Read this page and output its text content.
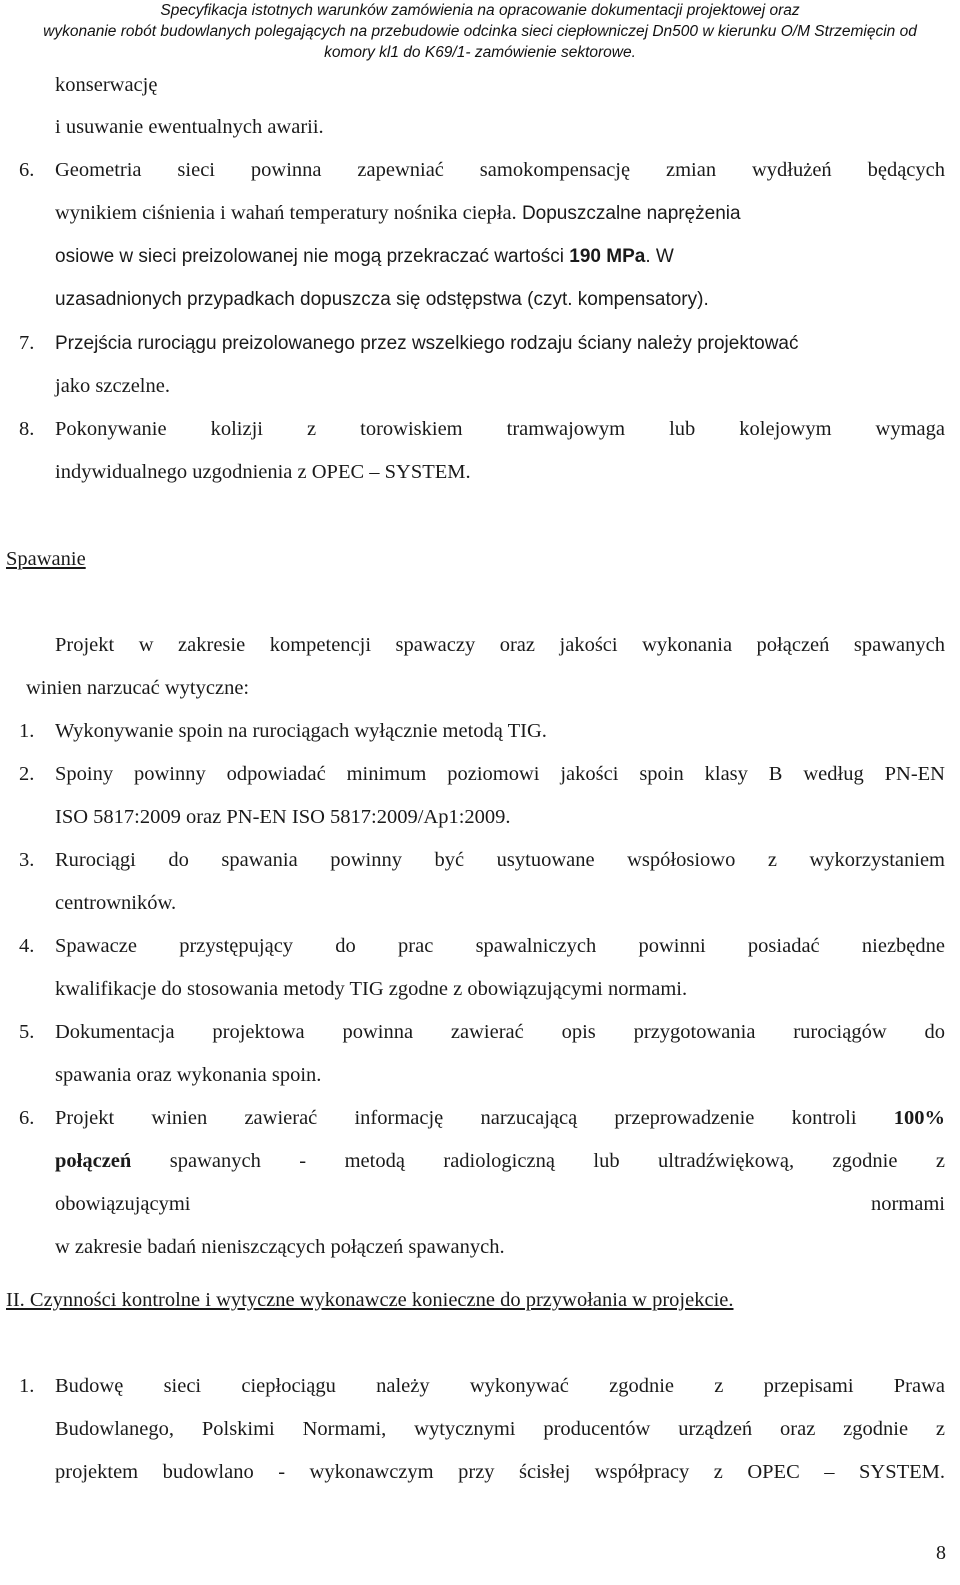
Specyfikacja istotnych warunków zamówienia na opracowanie dokumentacji projektowej oraz
wykonanie robót budowlanych polegających na przebudowie odcinka sieci ciepłowniczej Dn500 w kierunku O/M Strzemięcin od
komory kl1 do K69/1- zamówienie sektorowe.
konserwację
i usuwanie ewentualnych awarii.
6. Geometria sieci powinna zapewniać samokompensację zmian wydłużeń będących
wynikiem ciśnienia i wahań temperatury nośnika ciepła. Dopuszczalne naprężenia
osiowe w sieci preizolowanej nie mogą przekraczać wartości 190 MPa. W
uzasadnionych przypadkach dopuszcza się odstępstwa (czyt. kompensatory).
7. Przejścia rurociągu preizolowanego przez wszelkiego rodzaju ściany należy projektować
jako szczelne.
8. Pokonywanie kolizji z torowiskiem tramwajowym lub kolejowym wymaga
indywidualnego uzgodnienia z OPEC – SYSTEM.
Spawanie
Projekt w zakresie kompetencji spawaczy oraz jakości wykonania połączeń spawanych
winien narzucać wytyczne:
1. Wykonywanie spoin na rurociągach wyłącznie metodą TIG.
2. Spoiny powinny odpowiadać minimum poziomowi jakości spoin klasy B według PN-EN
ISO 5817:2009 oraz PN-EN ISO 5817:2009/Ap1:2009.
3. Rurociągi do spawania powinny być usytuowane współosiowo z wykorzystaniem
centrowników.
4. Spawacze przystępujący do prac spawalniczych powinni posiadać niezbędne
kwalifikacje do stosowania metody TIG zgodne z obowiązującymi normami.
5. Dokumentacja projektowa powinna zawierać opis przygotowania rurociągów do
spawania oraz wykonania spoin.
6. Projekt winien zawierać informację narzucającą przeprowadzenie kontroli 100%
połączeń spawanych - metodą radiologiczną lub ultradźwiękową, zgodnie z
obowiązującymi	normami
w zakresie badań nieniszczących połączeń spawanych.
II. Czynności kontrolne i wytyczne wykonawcze konieczne do przywołania w projekcie.
1. Budowę sieci ciepłociągu należy wykonywać zgodnie z przepisami Prawa
Budowlanego, Polskimi Normami, wytycznymi producentów urządzeń oraz zgodnie z
projektem budowlano - wykonawczym przy ścisłej współpracy z OPEC – SYSTEM.
8
